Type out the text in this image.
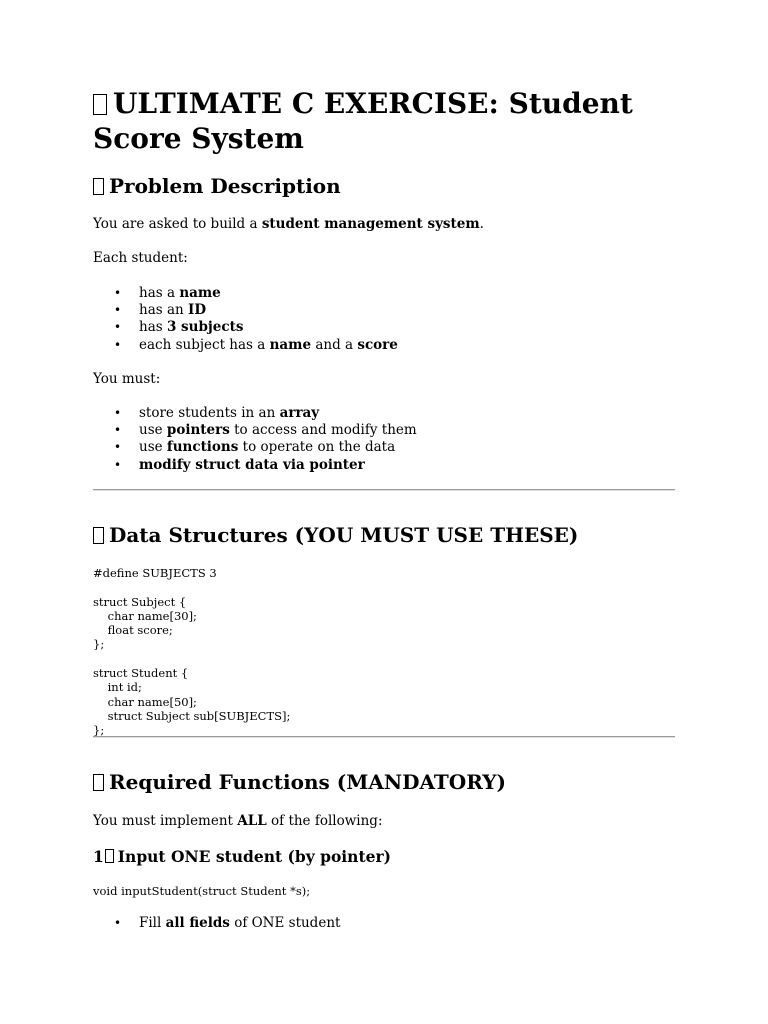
ULTIMATE C EXERCISE: Student Score System
Problem Description
You are asked to build a student management system.
Each student:
• has a name
• has an ID
• has 3 subjects
• each subject has a name and a score
You must:
• store students in an array
• use pointers to access and modify them
• use functions to operate on the data
• modify struct data via pointer
Data Structures (YOU MUST USE THESE)
#define SUBJECTS 3

struct Subject {
char name[30];
float score;
};

struct Student {
int id;
char name[50];
struct Subject sub[SUBJECTS];
};
Required Functions (MANDATORY)
You must implement ALL of the following:
1 Input ONE student (by pointer)
void inputStudent(struct Student *s);
• Fill all fields of ONE student
